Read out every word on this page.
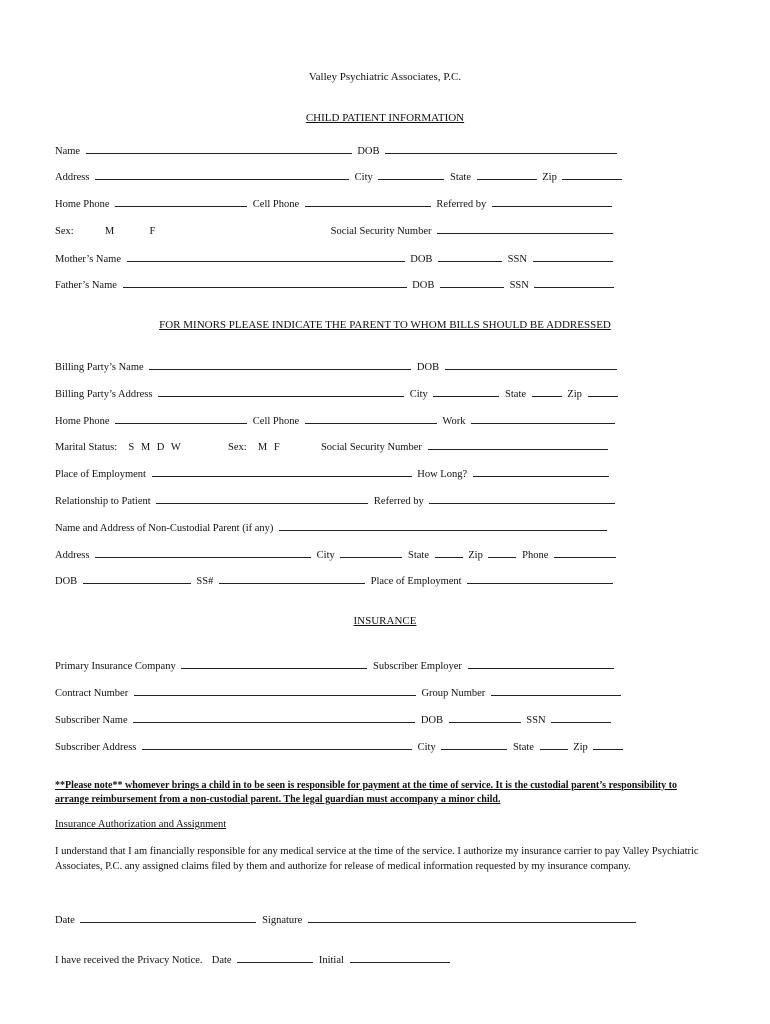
Valley Psychiatric Associates, P.C.
CHILD PATIENT INFORMATION
Name	DOB
Address	City	State	Zip
Home Phone	Cell Phone	Referred by
Sex:	M	F	Social Security Number
Mother’s Name	DOB	SSN
Father’s Name	DOB	SSN
FOR MINORS PLEASE INDICATE THE PARENT TO WHOM BILLS SHOULD BE ADDRESSED
Billing Party’s Name	DOB
Billing Party’s Address	City	State	Zip
Home Phone	Cell Phone	Work
Marital Status: S M D W	Sex: M F	Social Security Number
Place of Employment	How Long?
Relationship to Patient	Referred by
Name and Address of Non-Custodial Parent (if any)
Address	City	State	Zip	Phone
DOB	SS#	Place of Employment
INSURANCE
Primary Insurance Company	Subscriber Employer
Contract Number	Group Number
Subscriber Name	DOB	SSN
Subscriber Address	City	State	Zip
**Please note** whomever brings a child in to be seen is responsible for payment at the time of service. It is the custodial parent’s responsibility to arrange reimbursement from a non-custodial parent. The legal guardian must accompany a minor child.
Insurance Authorization and Assignment
I understand that I am financially responsible for any medical service at the time of the service. I authorize my insurance carrier to pay Valley Psychiatric Associates, P.C. any assigned claims filed by them and authorize for release of medical information requested by my insurance company.
Date	Signature
I have received the Privacy Notice. Date	Initial
